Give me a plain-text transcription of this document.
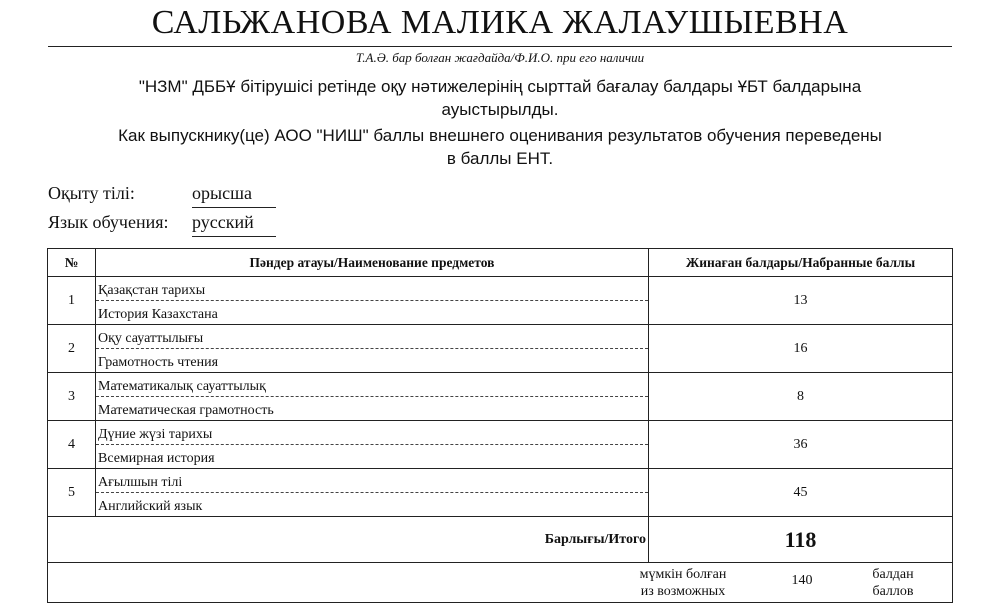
САЛЬЖАНОВА МАЛИКА ЖАЛАУШЫЕВНА
Т.А.Ә. бар болған жағдайда/Ф.И.О. при его наличии
"НЗМ" ДББҰ бітірушісі ретінде оқу нәтижелерінің сырттай бағалау балдары ҰБТ балдарына
ауыстырылды.
Как выпускнику(це) АОО "НИШ" баллы внешнего оценивания результатов обучения переведены
в баллы ЕНТ.
Оқыту тілі:	орысша
Язык обучения: русский
№	Пәндер атауы/Наименование предметов	Жинаған балдары/Набранные баллы
1	Қазақстан тарихы
История Казахстана	13
2	Оқу сауаттылығы
Грамотность чтения	16
3	Математикалық сауаттылық
Математическая грамотность	8
4	Дүние жүзі тарихы
Всемирная история	36
5	Ағылшын тілі
Английский язык	45
Барлығы/Итого		118

мүмкін болған
из возможных
140 балдан
баллов		
